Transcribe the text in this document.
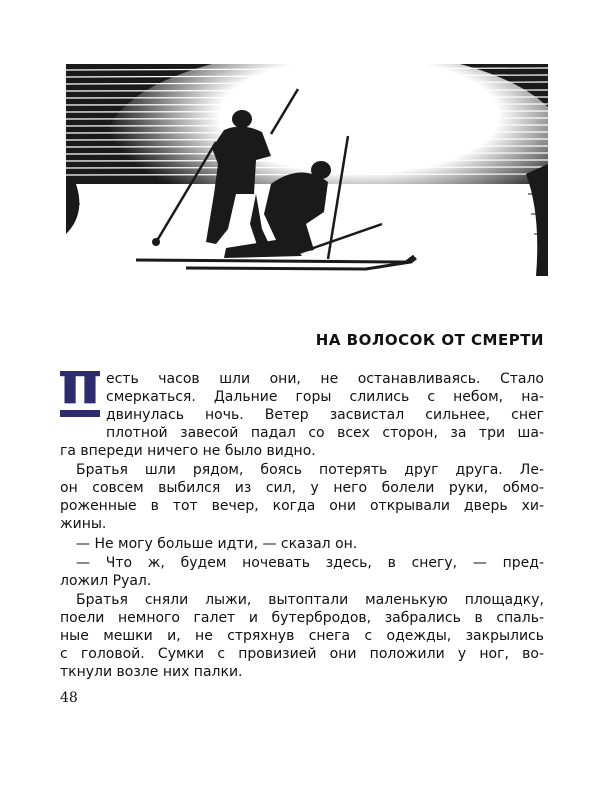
НА ВОЛОСОК ОТ СМЕРТИ
Ш
есть часов шли они, не останавливаясь. Стало
смеркаться. Дальние горы слились с небом, на-
двинулась ночь. Ветер засвистал сильнее, снег
плотной завесой падал со всех сторон, за три ша-
га впереди ничего не было видно.
Братья шли рядом, боясь потерять друг друга. Ле-
он совсем выбился из сил, у него болели руки, обмо-
роженные в тот вечер, когда они открывали дверь хи-
жины.
— Не могу больше идти, — сказал он.
— Что ж, будем ночевать здесь, в снегу, — пред-
ложил Руал.
Братья сняли лыжи, вытоптали маленькую площадку,
поели немного галет и бутербродов, забрались в спаль-
ные мешки и, не стряхнув снега с одежды, закрылись
с головой. Сумки с провизией они положили у ног, во-
ткнули возле них палки.
48
